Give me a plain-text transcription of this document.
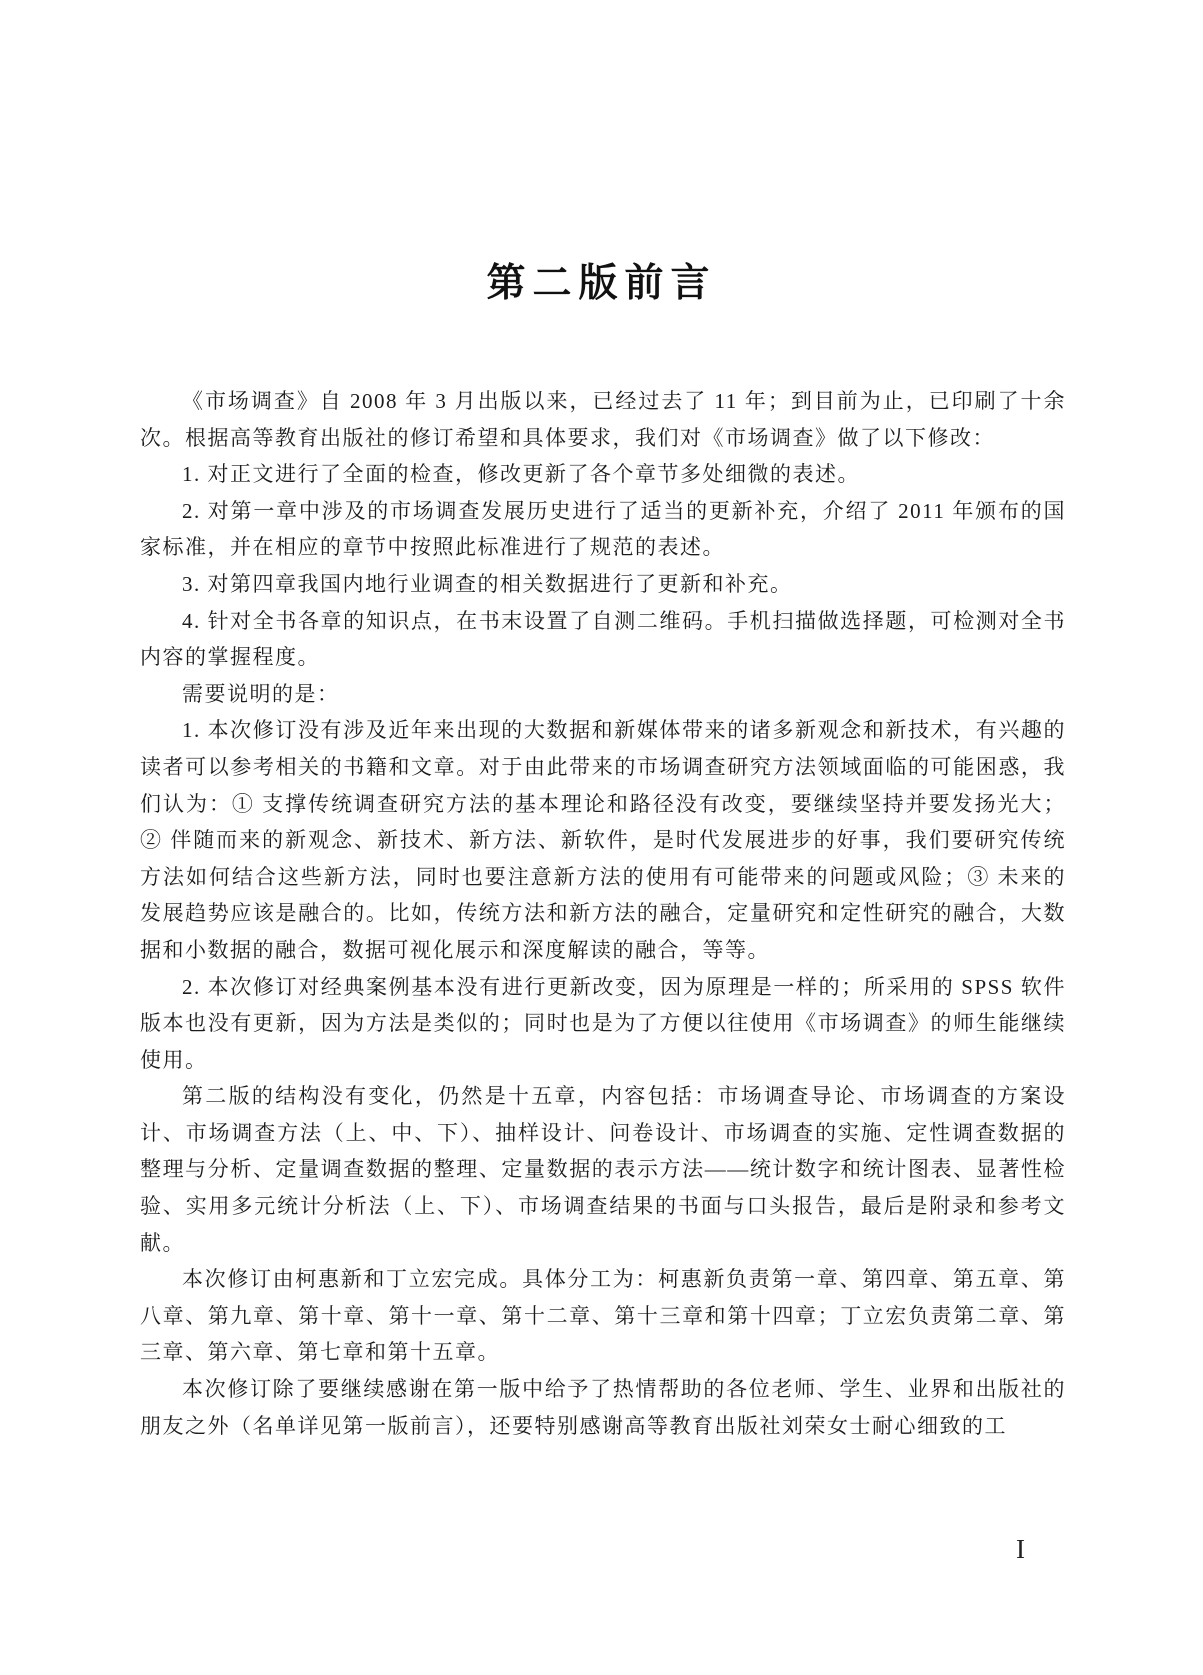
第二版前言

《市场调查》自 2008 年 3 月出版以来，已经过去了 11 年；到目前为止，已印刷了十余次。根据高等教育出版社的修订希望和具体要求，我们对《市场调查》做了以下修改：

1. 对正文进行了全面的检查，修改更新了各个章节多处细微的表述。

2. 对第一章中涉及的市场调查发展历史进行了适当的更新补充，介绍了 2011 年颁布的国家标准，并在相应的章节中按照此标准进行了规范的表述。

3. 对第四章我国内地行业调查的相关数据进行了更新和补充。

4. 针对全书各章的知识点，在书末设置了自测二维码。手机扫描做选择题，可检测对全书内容的掌握程度。

需要说明的是：

1. 本次修订没有涉及近年来出现的大数据和新媒体带来的诸多新观念和新技术，有兴趣的读者可以参考相关的书籍和文章。对于由此带来的市场调查研究方法领域面临的可能困惑，我们认为：① 支撑传统调查研究方法的基本理论和路径没有改变，要继续坚持并要发扬光大；② 伴随而来的新观念、新技术、新方法、新软件，是时代发展进步的好事，我们要研究传统方法如何结合这些新方法，同时也要注意新方法的使用有可能带来的问题或风险；③ 未来的发展趋势应该是融合的。比如，传统方法和新方法的融合，定量研究和定性研究的融合，大数据和小数据的融合，数据可视化展示和深度解读的融合，等等。

2. 本次修订对经典案例基本没有进行更新改变，因为原理是一样的；所采用的 SPSS 软件版本也没有更新，因为方法是类似的；同时也是为了方便以往使用《市场调查》的师生能继续使用。

第二版的结构没有变化，仍然是十五章，内容包括：市场调查导论、市场调查的方案设计、市场调查方法（上、中、下）、抽样设计、问卷设计、市场调查的实施、定性调查数据的整理与分析、定量调查数据的整理、定量数据的表示方法——统计数字和统计图表、显著性检验、实用多元统计分析法（上、下）、市场调查结果的书面与口头报告，最后是附录和参考文献。

本次修订由柯惠新和丁立宏完成。具体分工为：柯惠新负责第一章、第四章、第五章、第八章、第九章、第十章、第十一章、第十二章、第十三章和第十四章；丁立宏负责第二章、第三章、第六章、第七章和第十五章。

本次修订除了要继续感谢在第一版中给予了热情帮助的各位老师、学生、业界和出版社的朋友之外（名单详见第一版前言），还要特别感谢高等教育出版社刘荣女士耐心细致的工

I
